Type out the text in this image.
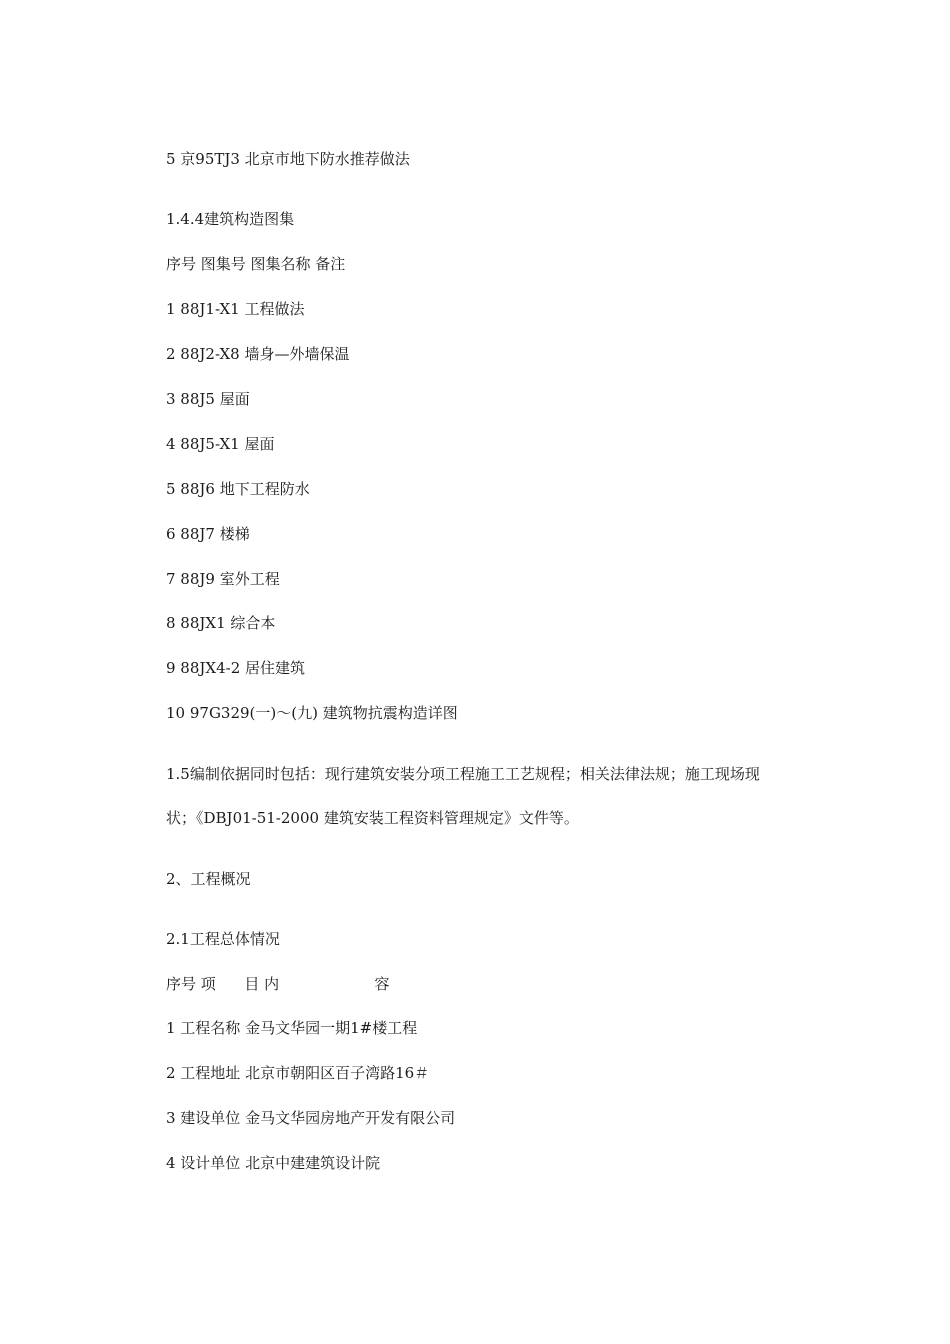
5 京95TJ3 北京市地下防水推荐做法
1.4.4建筑构造图集
序号 图集号 图集名称 备注
1 88J1-X1 工程做法
2 88J2-X8 墙身—外墙保温
3 88J5 屋面
4 88J5-X1 屋面
5 88J6 地下工程防水
6 88J7 楼梯
7 88J9 室外工程
8 88JX1 综合本
9 88JX4-2 居住建筑
10 97G329(一)～(九) 建筑物抗震构造详图
1.5编制依据同时包括：现行建筑安装分项工程施工工艺规程；相关法律法规；施工现场现
状；《DBJ01-51-2000 建筑安装工程资料管理规定》文件等。
2、工程概况
2.1工程总体情况
序号 项      目 内                    容
1 工程名称 金马文华园一期1#楼工程
2 工程地址 北京市朝阳区百子湾路16＃
3 建设单位 金马文华园房地产开发有限公司
4 设计单位 北京中建建筑设计院
